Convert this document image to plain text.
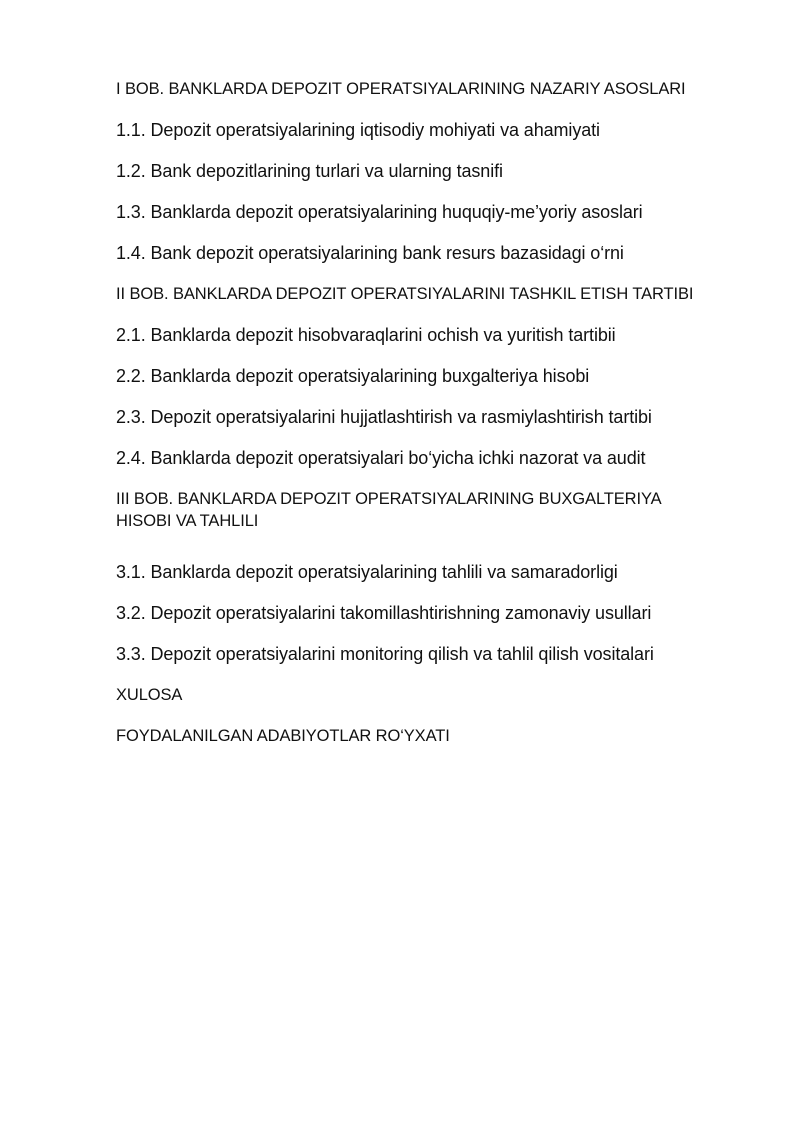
I BOB. BANKLARDA DEPOZIT OPERATSIYALARINING NAZARIY ASOSLARI

1.1. Depozit operatsiyalarining iqtisodiy mohiyati va ahamiyati

1.2. Bank depozitlarining turlari va ularning tasnifi

1.3. Banklarda depozit operatsiyalarining huquqiy-me’yoriy asoslari

1.4. Bank depozit operatsiyalarining bank resurs bazasidagi o‘rni

II BOB. BANKLARDA DEPOZIT OPERATSIYALARINI TASHKIL ETISH TARTIBI

2.1. Banklarda depozit hisobvaraqlarini ochish va yuritish tartibii

2.2. Banklarda depozit operatsiyalarining buxgalteriya hisobi

2.3. Depozit operatsiyalarini hujjatlashtirish va rasmiylashtirish tartibi

2.4. Banklarda depozit operatsiyalari bo‘yicha ichki nazorat va audit

III BOB. BANKLARDA DEPOZIT OPERATSIYALARINING BUXGALTERIYA HISOBI VA TAHLILI

3.1. Banklarda depozit operatsiyalarining tahlili va samaradorligi

3.2. Depozit operatsiyalarini takomillashtirishning zamonaviy usullari

3.3. Depozit operatsiyalarini monitoring qilish va tahlil qilish vositalari

XULOSA

FOYDALANILGAN ADABIYOTLAR RO‘YXATI
